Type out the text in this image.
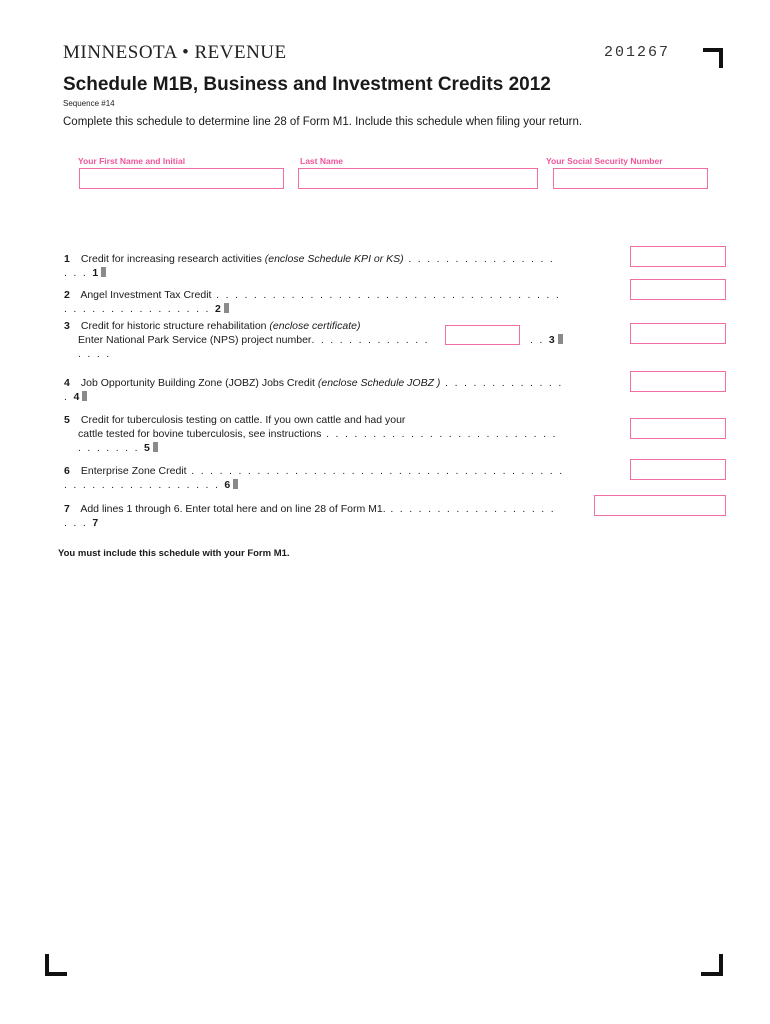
MINNESOTA • REVENUE	201267
Schedule M1B, Business and Investment Credits 2012
Sequence #14
Complete this schedule to determine line 28 of Form M1. Include this schedule when filing your return.
Your First Name and Initial	Last Name	Your Social Security Number
1 Credit for increasing research activities (enclose Schedule KPI or KS) . . . . . . . . . . . . . . . . . . . 1
2 Angel Investment Tax Credit . . . . . . . . . . . . . . . . . . . . . . . . . . . . . . . . . . . . . . . . . . . . . . . . . . . . . 2
3 Credit for historic structure rehabilitation (enclose certificate)
Enter National Park Service (NPS) project number. . . . . . . . . . . . . . . . .
. . 3
4 Job Opportunity Building Zone (JOBZ) Jobs Credit (enclose Schedule JOBZ ) . . . . . . . . . . . . . . 4
5 Credit for tuberculosis testing on cattle. If you own cattle and had your
cattle tested for bovine tuberculosis, see instructions . . . . . . . . . . . . . . . . . . . . . . . . . . . . . . . . 5
6 Enterprise Zone Credit . . . . . . . . . . . . . . . . . . . . . . . . . . . . . . . . . . . . . . . . . . . . . . . . . . . . . . . . . 6
7 Add lines 1 through 6. Enter total here and on line 28 of Form M1. . . . . . . . . . . . . . . . . . . . . . 7
You must include this schedule with your Form M1.
